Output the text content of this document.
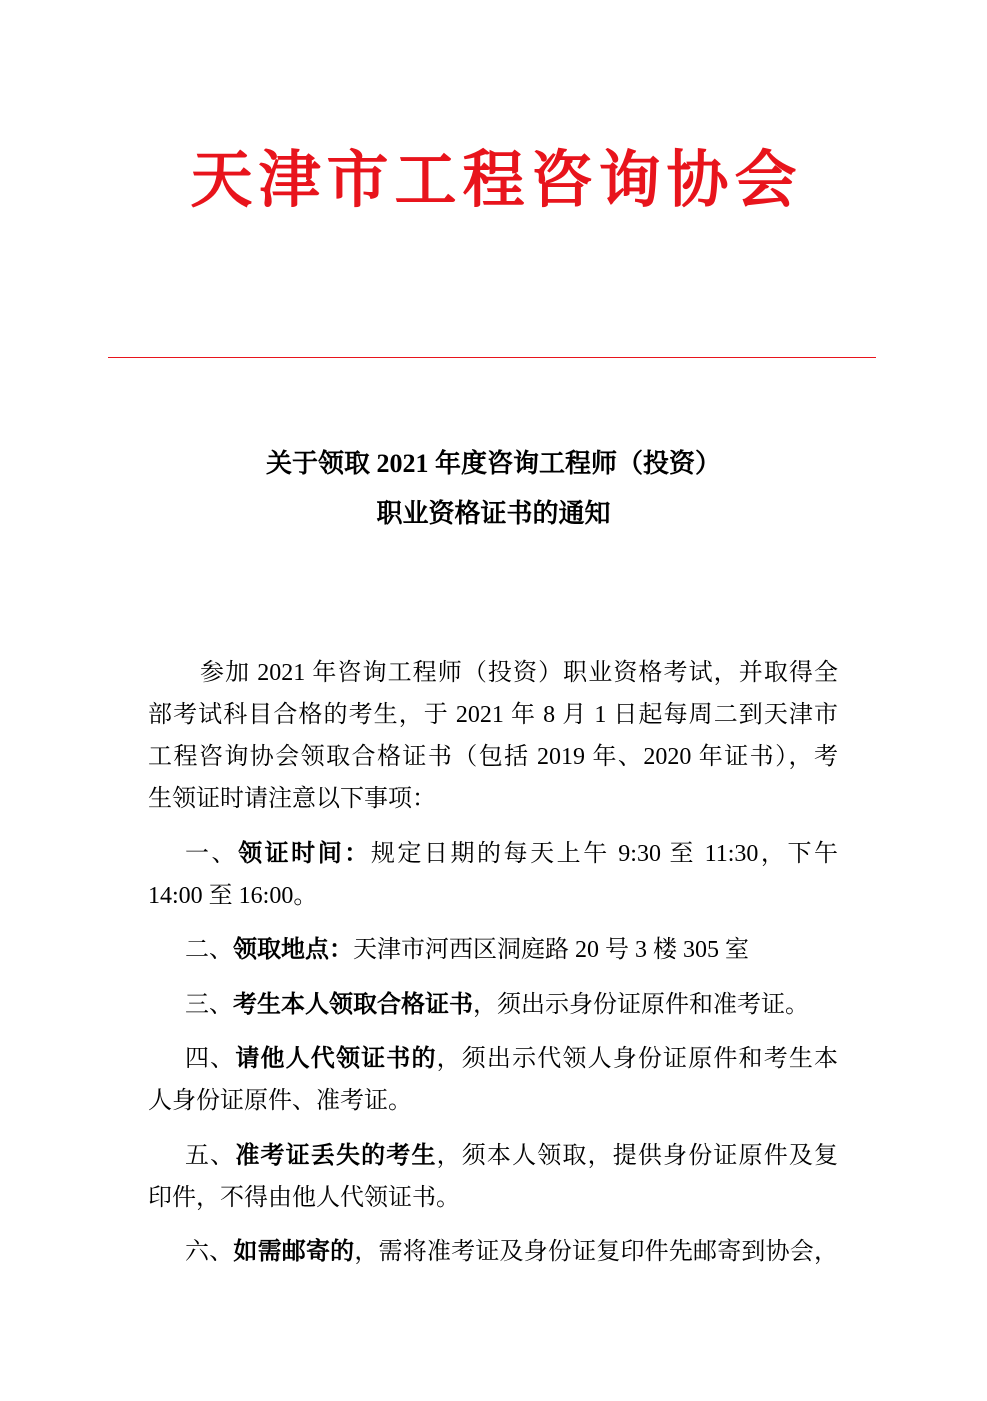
天津市工程咨询协会
关于领取 2021 年度咨询工程师（投资）
职业资格证书的通知
参加 2021 年咨询工程师（投资）职业资格考试，并取得全
部考试科目合格的考生，于 2021 年 8 月 1 日起每周二到天津市
工程咨询协会领取合格证书（包括 2019 年、2020 年证书），考
生领证时请注意以下事项：
一、领证时间：规定日期的每天上午 9:30 至 11:30，下午
14:00 至 16:00。
二、领取地点：天津市河西区洞庭路 20 号 3 楼 305 室
三、考生本人领取合格证书，须出示身份证原件和准考证。
四、请他人代领证书的，须出示代领人身份证原件和考生本
人身份证原件、准考证。
五、准考证丢失的考生，须本人领取，提供身份证原件及复
印件，不得由他人代领证书。
六、如需邮寄的，需将准考证及身份证复印件先邮寄到协会，
